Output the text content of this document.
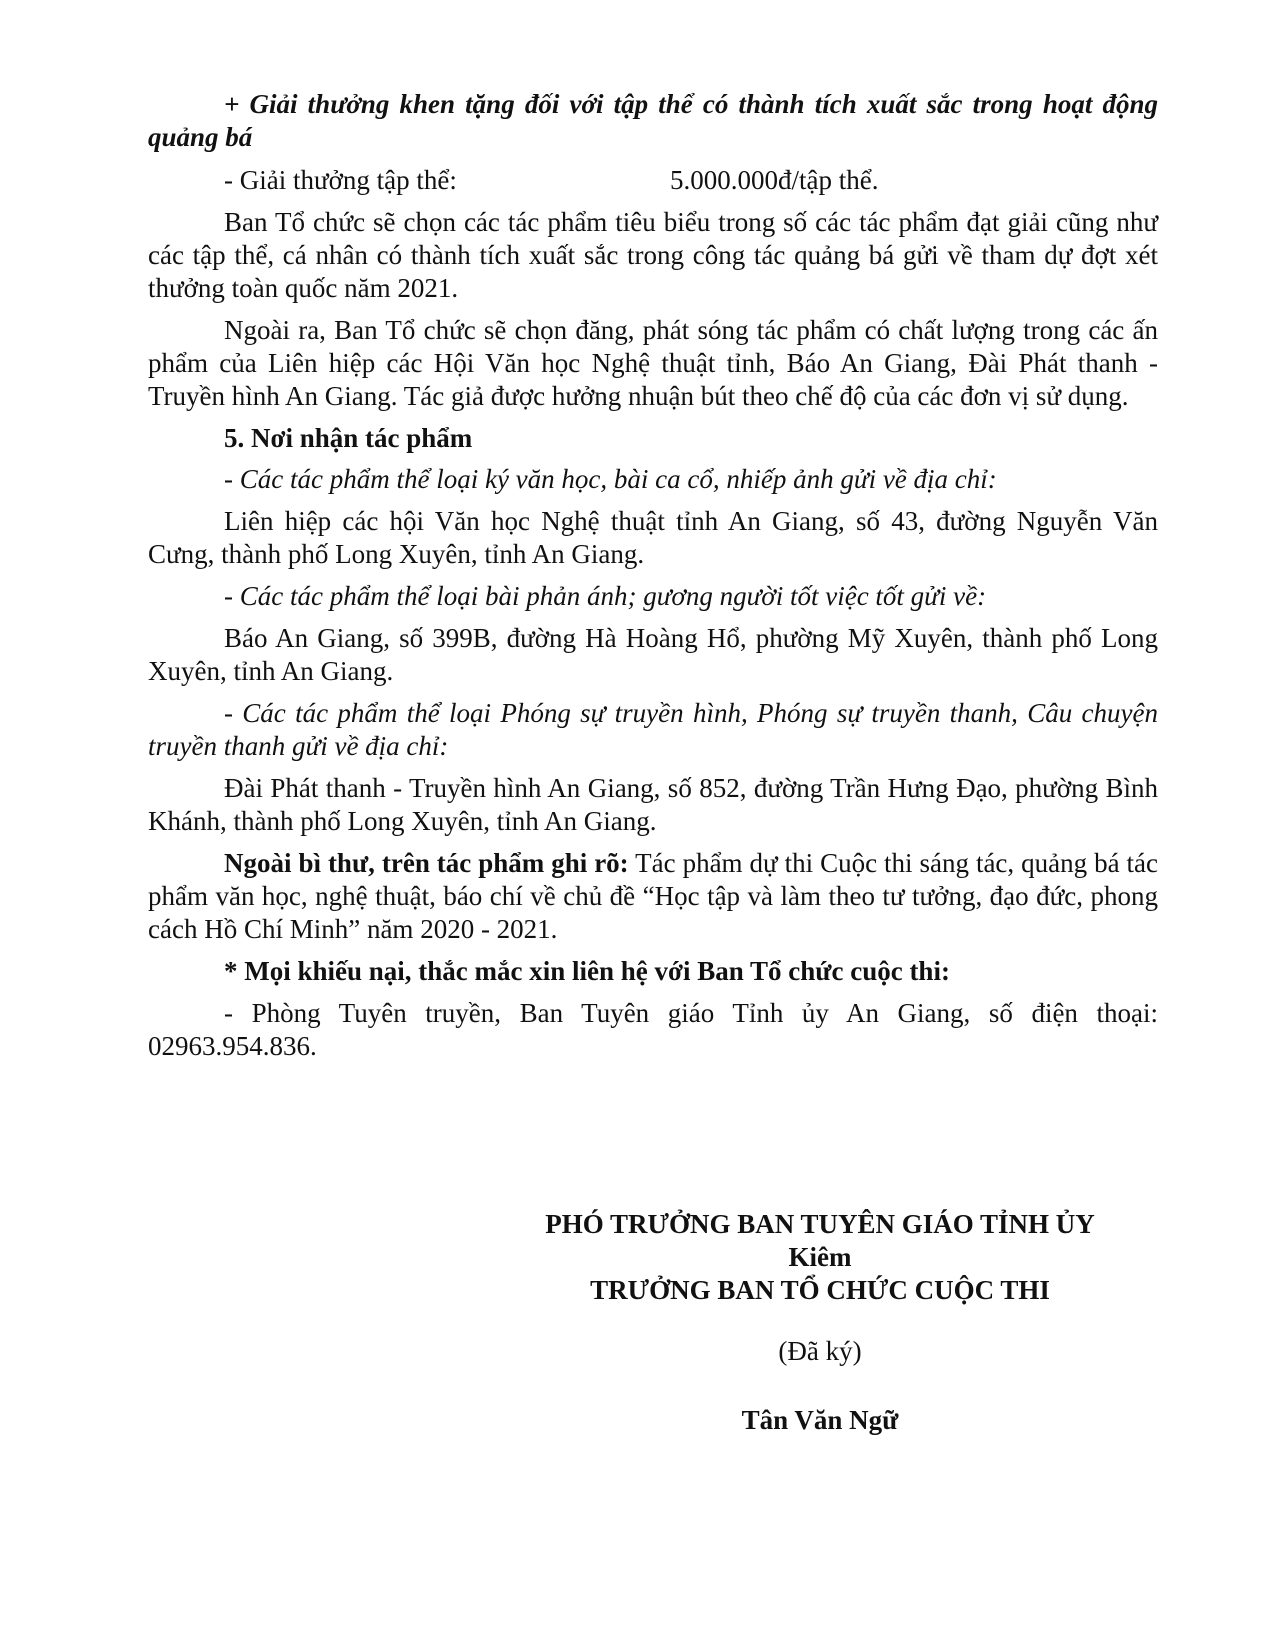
+ Giải thưởng khen tặng đối với tập thể có thành tích xuất sắc trong hoạt động quảng bá

- Giải thưởng tập thể:	5.000.000đ/tập thể.

Ban Tổ chức sẽ chọn các tác phẩm tiêu biểu trong số các tác phẩm đạt giải cũng như các tập thể, cá nhân có thành tích xuất sắc trong công tác quảng bá gửi về tham dự đợt xét thưởng toàn quốc năm 2021.

Ngoài ra, Ban Tổ chức sẽ chọn đăng, phát sóng tác phẩm có chất lượng trong các ấn phẩm của Liên hiệp các Hội Văn học Nghệ thuật tỉnh, Báo An Giang, Đài Phát thanh - Truyền hình An Giang. Tác giả được hưởng nhuận bút theo chế độ của các đơn vị sử dụng.

5. Nơi nhận tác phẩm

- Các tác phẩm thể loại ký văn học, bài ca cổ, nhiếp ảnh gửi về địa chỉ:

Liên hiệp các hội Văn học Nghệ thuật tỉnh An Giang, số 43, đường Nguyễn Văn Cưng, thành phố Long Xuyên, tỉnh An Giang.

- Các tác phẩm thể loại bài phản ánh; gương người tốt việc tốt gửi về:

Báo An Giang, số 399B, đường Hà Hoàng Hổ, phường Mỹ Xuyên, thành phố Long Xuyên, tỉnh An Giang.

- Các tác phẩm thể loại Phóng sự truyền hình, Phóng sự truyền thanh, Câu chuyện truyền thanh gửi về địa chỉ:

Đài Phát thanh - Truyền hình An Giang, số 852, đường Trần Hưng Đạo, phường Bình Khánh, thành phố Long Xuyên, tỉnh An Giang.

Ngoài bì thư, trên tác phẩm ghi rõ: Tác phẩm dự thi Cuộc thi sáng tác, quảng bá tác phẩm văn học, nghệ thuật, báo chí về chủ đề “Học tập và làm theo tư tưởng, đạo đức, phong cách Hồ Chí Minh” năm 2020 - 2021.

* Mọi khiếu nại, thắc mắc xin liên hệ với Ban Tổ chức cuộc thi:

- Phòng Tuyên truyền, Ban Tuyên giáo Tỉnh ủy An Giang, số điện thoại: 02963.954.836.

PHÓ TRƯỞNG BAN TUYÊN GIÁO TỈNH ỦY
Kiêm
TRƯỞNG BAN TỔ CHỨC CUỘC THI
(Đã ký)
Tân Văn Ngữ
